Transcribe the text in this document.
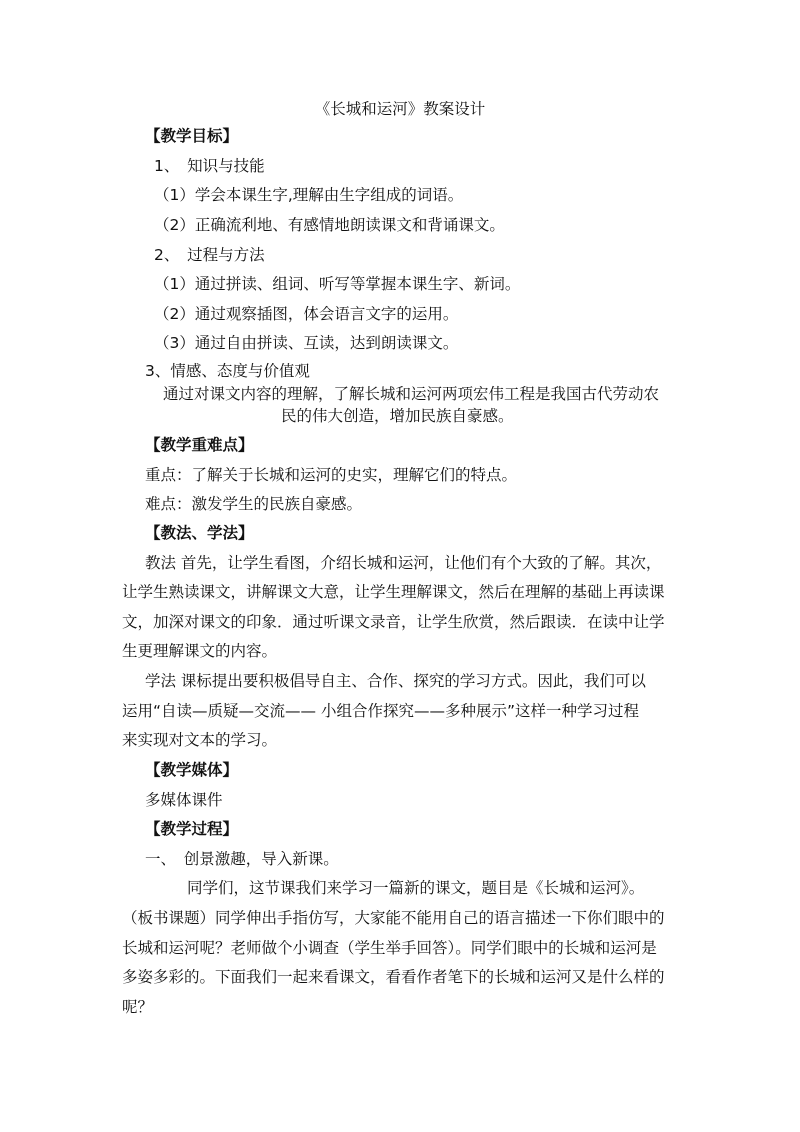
《长城和运河》教案设计
【教学目标】
1、　知识与技能
（1）学会本课生字,理解由生字组成的词语。
（2）正确流利地、有感情地朗读课文和背诵课文。
2、　过程与方法
（1）通过拼读、组词、听写等掌握本课生字、新词。
（2）通过观察插图，体会语言文字的运用。
（3）通过自由拼读、互读，达到朗读课文。
3、情感、态度与价值观
通过对课文内容的理解，了解长城和运河两项宏伟工程是我国古代劳动农
民的伟大创造，增加民族自豪感。
【教学重难点】
重点：了解关于长城和运河的史实，理解它们的特点。
难点：激发学生的民族自豪感。
【教法、学法】
教法 首先，让学生看图，介绍长城和运河，让他们有个大致的了解。其次，
让学生熟读课文，讲解课文大意，让学生理解课文，然后在理解的基础上再读课
文，加深对课文的印象．通过听课文录音，让学生欣赏，然后跟读．在读中让学
生更理解课文的内容。
学法 课标提出要积极倡导自主、合作、探究的学习方式。因此，我们可以
运用“自读—质疑—交流—— 小组合作探究——多种展示”这样一种学习过程
来实现对文本的学习。
【教学媒体】
多媒体课件
【教学过程】
一、　创景激趣，导入新课。
同学们，这节课我们来学习一篇新的课文，题目是《长城和运河》。
（板书课题）同学伸出手指仿写，大家能不能用自己的语言描述一下你们眼中的
长城和运河呢？老师做个小调查（学生举手回答）。同学们眼中的长城和运河是
多姿多彩的。下面我们一起来看课文，看看作者笔下的长城和运河又是什么样的
呢？
